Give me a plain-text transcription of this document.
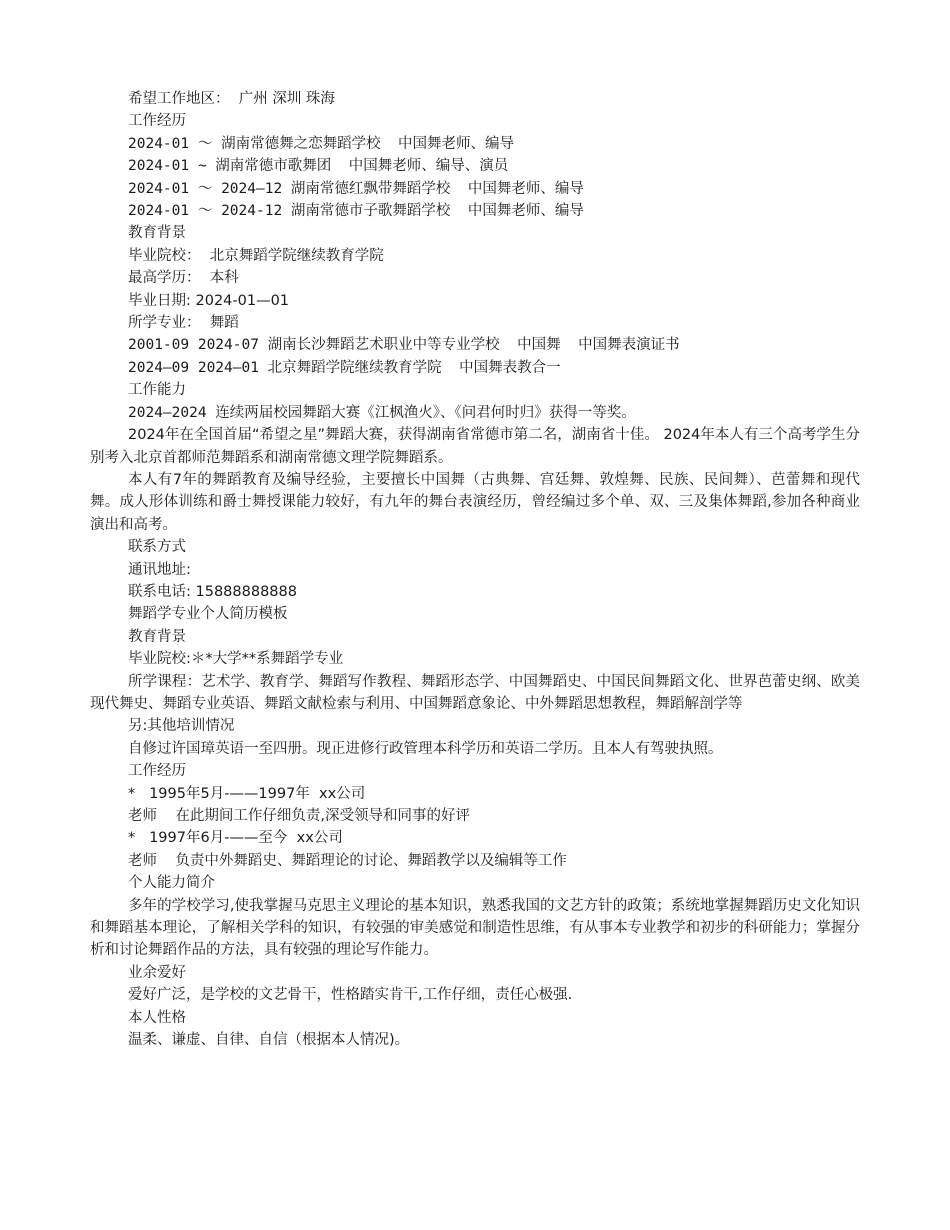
希望工作地区：  广州 深圳 珠海
工作经历
2024-01 ～ 湖南常德舞之恋舞蹈学校  中国舞老师、编导
2024-01 ~ 湖南常德市歌舞团  中国舞老师、编导、演员
2024-01 ～ 2024—12 湖南常德红飘带舞蹈学校  中国舞老师、编导
2024-01 ～ 2024-12 湖南常德市子歌舞蹈学校  中国舞老师、编导
教育背景
毕业院校：  北京舞蹈学院继续教育学院
最高学历：  本科
毕业日期: 2024-01—01
所学专业：  舞蹈
2001-09 2024-07 湖南长沙舞蹈艺术职业中等专业学校  中国舞  中国舞表演证书
2024—09 2024—01 北京舞蹈学院继续教育学院  中国舞表教合一
工作能力
2024—2024 连续两届校园舞蹈大赛《江枫渔火》、《问君何时归》获得一等奖。
2024年在全国首届“希望之星”舞蹈大赛，获得湖南省常德市第二名，湖南省十佳。 2024年本人有三个高考学生分别考入北京首都师范舞蹈系和湖南常德文理学院舞蹈系。
本人有7年的舞蹈教育及编导经验，主要擅长中国舞（古典舞、宫廷舞、敦煌舞、民族、民间舞）、芭蕾舞和现代舞。成人形体训练和爵士舞授课能力较好，有九年的舞台表演经历，曾经编过多个单、双、三及集体舞蹈,参加各种商业演出和高考。
联系方式
通讯地址:
联系电话: 15888888888
舞蹈学专业个人简历模板
教育背景
毕业院校:＊*大学**系舞蹈学专业
所学课程：艺术学、教育学、舞蹈写作教程、舞蹈形态学、中国舞蹈史、中国民间舞蹈文化、世界芭蕾史纲、欧美现代舞史、舞蹈专业英语、舞蹈文献检索与利用、中国舞蹈意象论、中外舞蹈思想教程，舞蹈解剖学等
另:其他培训情况
自修过许国璋英语一至四册。现正进修行政管理本科学历和英语二学历。且本人有驾驶执照。
工作经历
*   1995年5月-——1997年  xx公司
老师    在此期间工作仔细负责,深受领导和同事的好评
*   1997年6月-——至今  xx公司
老师    负责中外舞蹈史、舞蹈理论的讨论、舞蹈教学以及编辑等工作
个人能力简介
多年的学校学习,使我掌握马克思主义理论的基本知识，熟悉我国的文艺方针的政策；系统地掌握舞蹈历史文化知识和舞蹈基本理论，了解相关学科的知识，有较强的审美感觉和制造性思维，有从事本专业教学和初步的科研能力；掌握分析和讨论舞蹈作品的方法，具有较强的理论写作能力。
业余爱好
爱好广泛，是学校的文艺骨干，性格踏实肯干,工作仔细，责任心极强.
本人性格
温柔、谦虚、自律、自信（根据本人情况)。
